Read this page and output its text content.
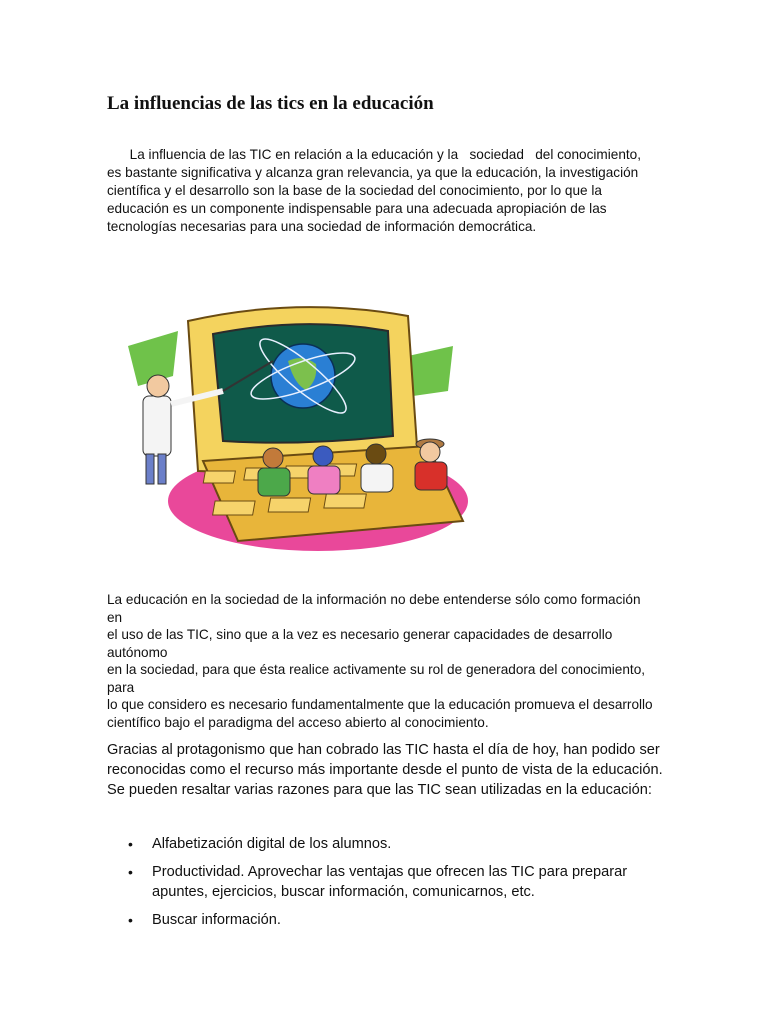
La influencias de las tics en la educación
La influencia de las TIC en relación a la educación y la   sociedad   del conocimiento,
es bastante significativa y alcanza gran relevancia, ya que la educación, la investigación
científica y el desarrollo son la base de la sociedad del conocimiento, por lo que la
educación es un componente indispensable para una adecuada apropiación de las
tecnologías necesarias para una sociedad de información democrática.
La educación en la sociedad de la información no debe entenderse sólo como formación
en
el uso de las TIC, sino que a la vez es necesario generar capacidades de desarrollo
autónomo
en la sociedad, para que ésta realice activamente su rol de generadora del conocimiento,
para
lo que considero es necesario fundamentalmente que la educación promueva el desarrollo
científico bajo el paradigma del acceso abierto al conocimiento.
Gracias al protagonismo que han cobrado las TIC hasta el día de hoy, han podido ser
reconocidas como el recurso más importante desde el punto de vista de la educación.
Se pueden resaltar varias razones para que las TIC sean utilizadas en la educación:
• Alfabetización digital de los alumnos.
• Productividad. Aprovechar las ventajas que ofrecen las TIC para preparar
apuntes, ejercicios, buscar información, comunicarnos, etc.
• Buscar información.
